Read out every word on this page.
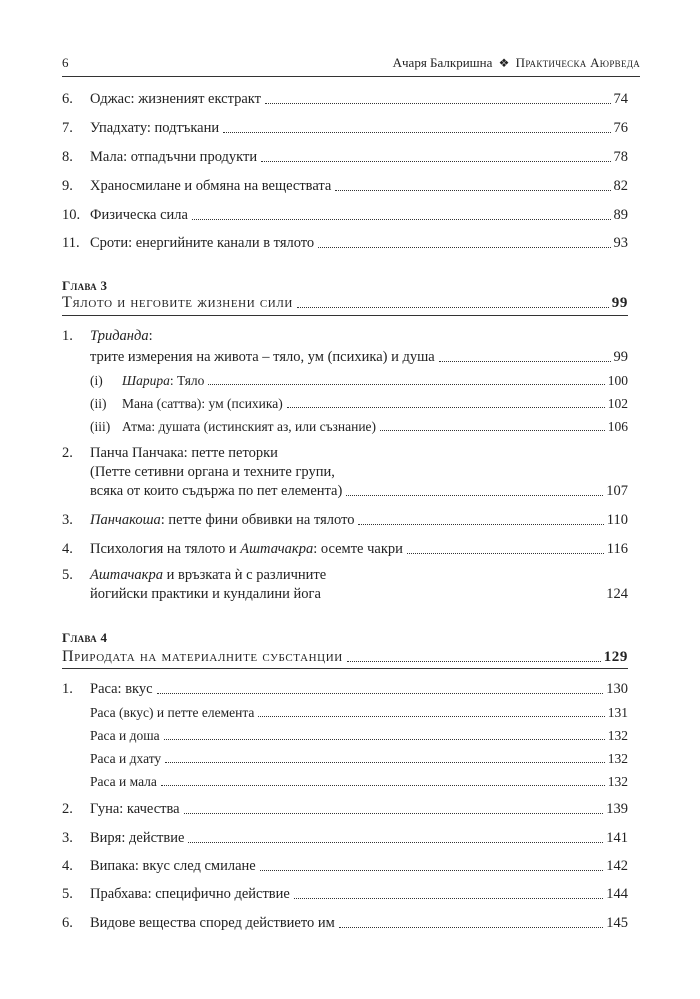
6	Ачаря Балкришна ❖ Практическа Аюрведа
6.	Оджас: жизненият екстракт	74
7.	Упадхату: подтъкани	76
8.	Мала: отпадъчни продукти	78
9.	Храносмилане и обмяна на веществата	82
10. Физическа сила	89
11. Сроти: енергийните канали в тялото	93
Глава 3
Тялото и неговите жизнени сили	99
1. Триданда:
трите измерения на живота – тяло, ум (психика) и душа	99
(i)	Шарира: Тяло	100
(ii)	Мана (саттва): ум (психика)	102
(iii) Атма: душата (истинският аз, или съзнание)	106
2. Панча Панчака: петте петорки
(Петте сетивни органа и техните групи,
всяка от които съдържа по пет елемента)	107
3.	Панчакоша: петте фини обвивки на тялото	110
4.	Психология на тялото и Аштачакра: осемте чакри	116
5. Аштачакра и връзката ѝ с различните
йогийски практики и кундалини йога	124
Глава 4
Природата на материалните субстанции	129
1.	Раса: вкус	130
Раса (вкус) и петте елемента	131
Раса и доша	132
Раса и дхату	132
Раса и мала	132
2.	Гуна: качества	139
3.	Виря: действие	141
4.	Випака: вкус след смилане	142
5.	Прабхава: специфично действие	144
6.	Видове вещества според действието им	145
